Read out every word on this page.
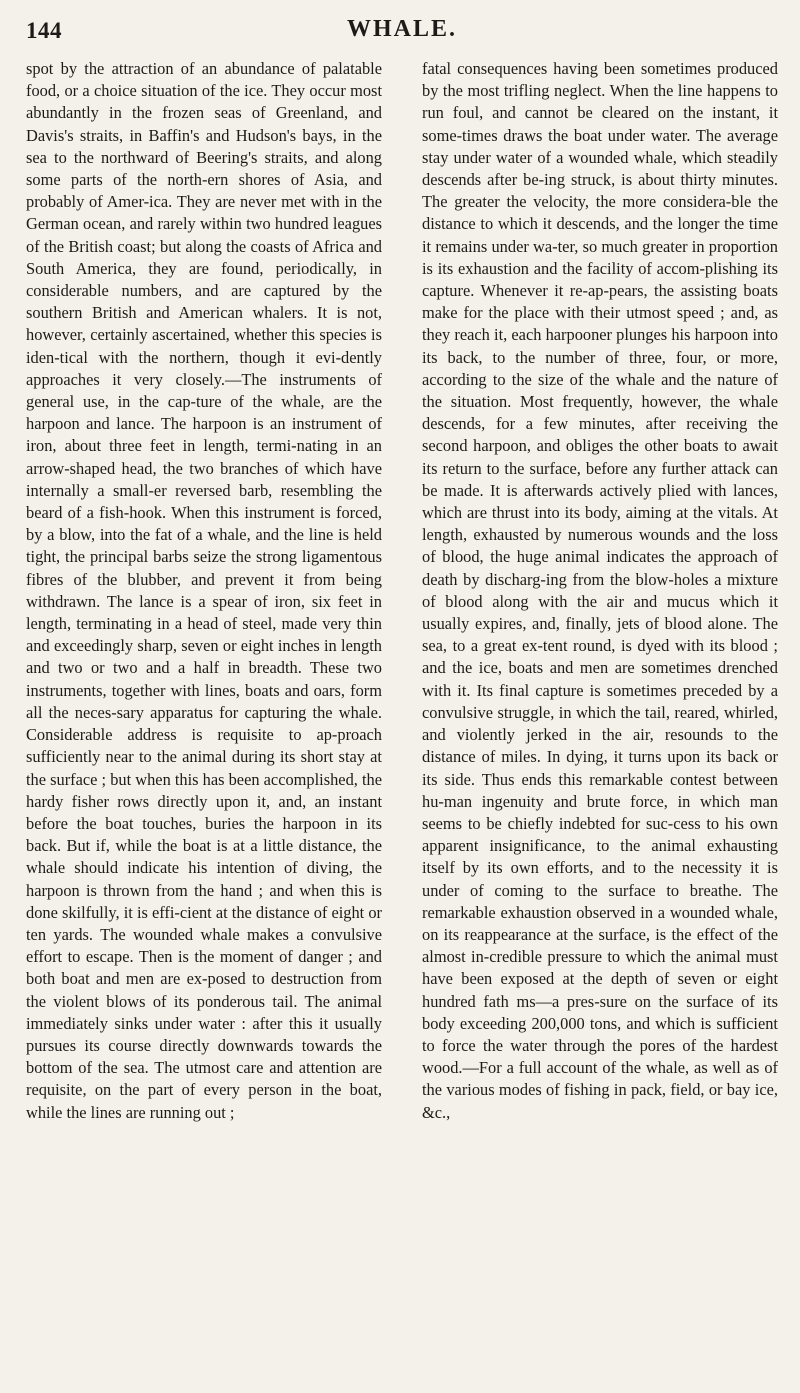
144	WHALE.

spot by the attraction of an abundance of palatable food, or a choice situation of the ice. They occur most abundantly in the frozen seas of Greenland, and Davis's straits, in Baffin's and Hudson's bays, in the sea to the northward of Beering's straits, and along some parts of the north-ern shores of Asia, and probably of Amer-ica. They are never met with in the German ocean, and rarely within two hundred leagues of the British coast; but along the coasts of Africa and South America, they are found, periodically, in considerable numbers, and are captured by the southern British and American whalers. It is not, however, certainly ascertained, whether this species is iden-tical with the northern, though it evi-dently approaches it very closely.—The instruments of general use, in the cap-ture of the whale, are the harpoon and lance. The harpoon is an instrument of iron, about three feet in length, termi-nating in an arrow-shaped head, the two branches of which have internally a small-er reversed barb, resembling the beard of a fish-hook. When this instrument is forced, by a blow, into the fat of a whale, and the line is held tight, the principal barbs seize the strong ligamentous fibres of the blubber, and prevent it from being withdrawn. The lance is a spear of iron, six feet in length, terminating in a head of steel, made very thin and exceedingly sharp, seven or eight inches in length and two or two and a half in breadth. These two instruments, together with lines, boats and oars, form all the neces-sary apparatus for capturing the whale. Considerable address is requisite to ap-proach sufficiently near to the animal during its short stay at the surface ; but when this has been accomplished, the hardy fisher rows directly upon it, and, an instant before the boat touches, buries the harpoon in its back. But if, while the boat is at a little distance, the whale should indicate his intention of diving, the harpoon is thrown from the hand ; and when this is done skilfully, it is effi-cient at the distance of eight or ten yards. The wounded whale makes a convulsive effort to escape. Then is the moment of danger ; and both boat and men are ex-posed to destruction from the violent blows of its ponderous tail. The animal immediately sinks under water : after this it usually pursues its course directly downwards towards the bottom of the sea. The utmost care and attention are requisite, on the part of every person in the boat, while the lines are running out ;

fatal consequences having been sometimes produced by the most trifling neglect. When the line happens to run foul, and cannot be cleared on the instant, it some-times draws the boat under water. The average stay under water of a wounded whale, which steadily descends after be-ing struck, is about thirty minutes. The greater the velocity, the more considera-ble the distance to which it descends, and the longer the time it remains under wa-ter, so much greater in proportion is its exhaustion and the facility of accom-plishing its capture. Whenever it re-ap-pears, the assisting boats make for the place with their utmost speed ; and, as they reach it, each harpooner plunges his harpoon into its back, to the number of three, four, or more, according to the size of the whale and the nature of the situation. Most frequently, however, the whale descends, for a few minutes, after receiving the second harpoon, and obliges the other boats to await its return to the surface, before any further attack can be made. It is afterwards actively plied with lances, which are thrust into its body, aiming at the vitals. At length, exhausted by numerous wounds and the loss of blood, the huge animal indicates the approach of death by discharg-ing from the blow-holes a mixture of blood along with the air and mucus which it usually expires, and, finally, jets of blood alone. The sea, to a great ex-tent round, is dyed with its blood ; and the ice, boats and men are sometimes drenched with it. Its final capture is sometimes preceded by a convulsive struggle, in which the tail, reared, whirled, and violently jerked in the air, resounds to the distance of miles. In dying, it turns upon its back or its side. Thus ends this remarkable contest between hu-man ingenuity and brute force, in which man seems to be chiefly indebted for suc-cess to his own apparent insignificance, to the animal exhausting itself by its own efforts, and to the necessity it is under of coming to the surface to breathe. The remarkable exhaustion observed in a wounded whale, on its reappearance at the surface, is the effect of the almost in-credible pressure to which the animal must have been exposed at the depth of seven or eight hundred fath ms—a pres-sure on the surface of its body exceeding 200,000 tons, and which is sufficient to force the water through the pores of the hardest wood.—For a full account of the whale, as well as of the various modes of fishing in pack, field, or bay ice, &c.,
